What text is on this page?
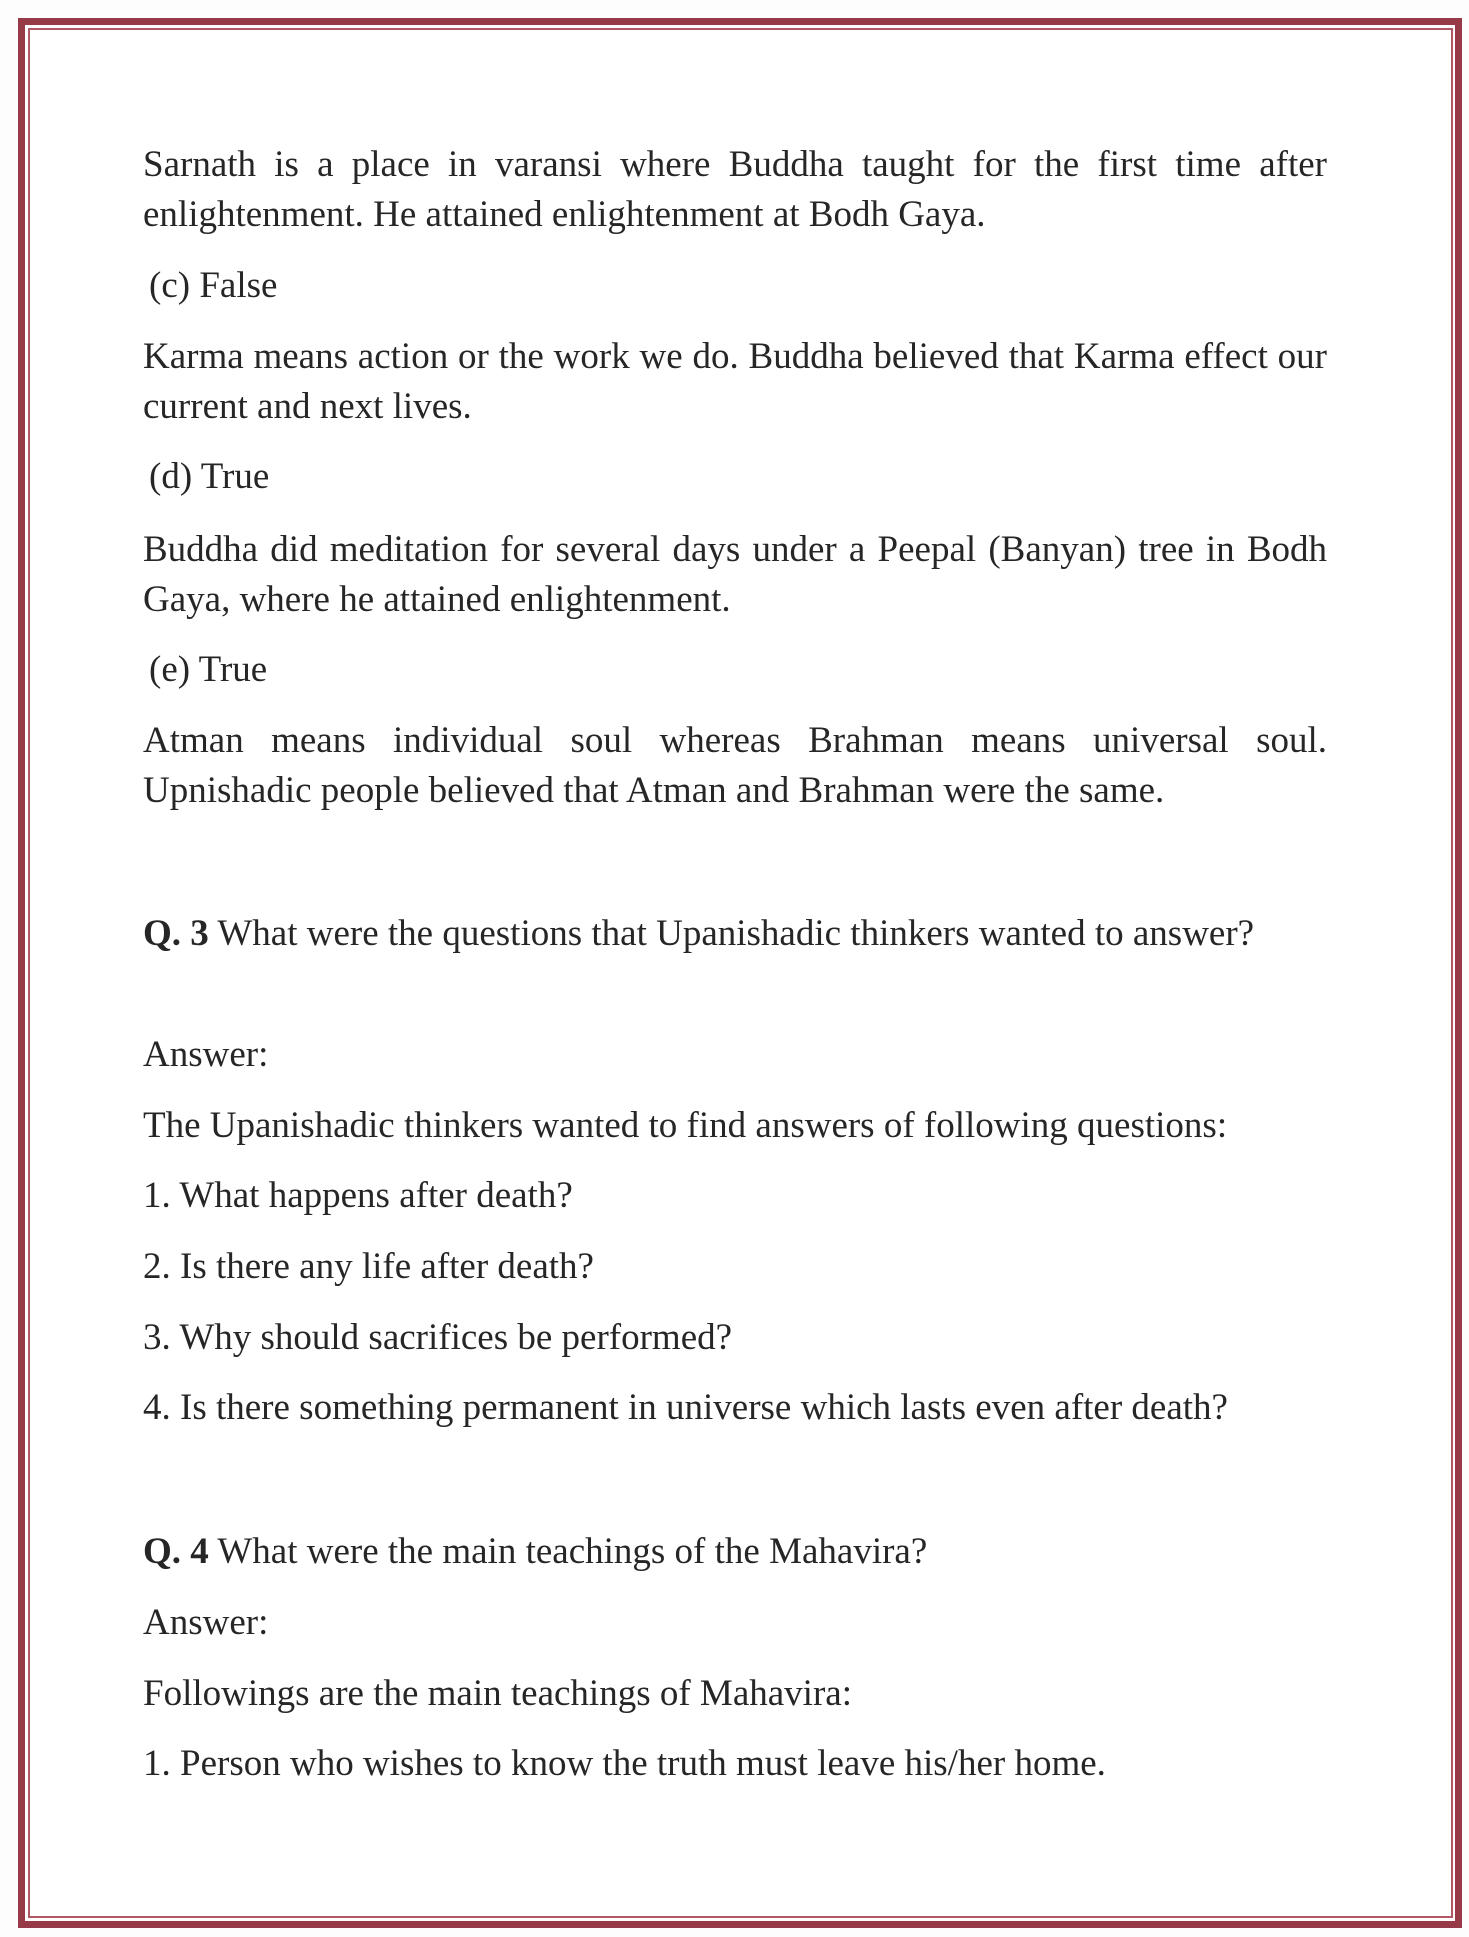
Sarnath is a place in varansi where Buddha taught for the first time after enlightenment. He attained enlightenment at Bodh Gaya.
(c) False
Karma means action or the work we do. Buddha believed that Karma effect our current and next lives.
(d) True
Buddha did meditation for several days under a Peepal (Banyan) tree in Bodh Gaya, where he attained enlightenment.
(e) True
Atman means individual soul whereas Brahman means universal soul. Upnishadic people believed that Atman and Brahman were the same.
Q. 3 What were the questions that Upanishadic thinkers wanted to answer?
Answer:
The Upanishadic thinkers wanted to find answers of following questions:
1. What happens after death?
2. Is there any life after death?
3. Why should sacrifices be performed?
4. Is there something permanent in universe which lasts even after death?
Q. 4 What were the main teachings of the Mahavira?
Answer:
Followings are the main teachings of Mahavira:
1. Person who wishes to know the truth must leave his/her home.
